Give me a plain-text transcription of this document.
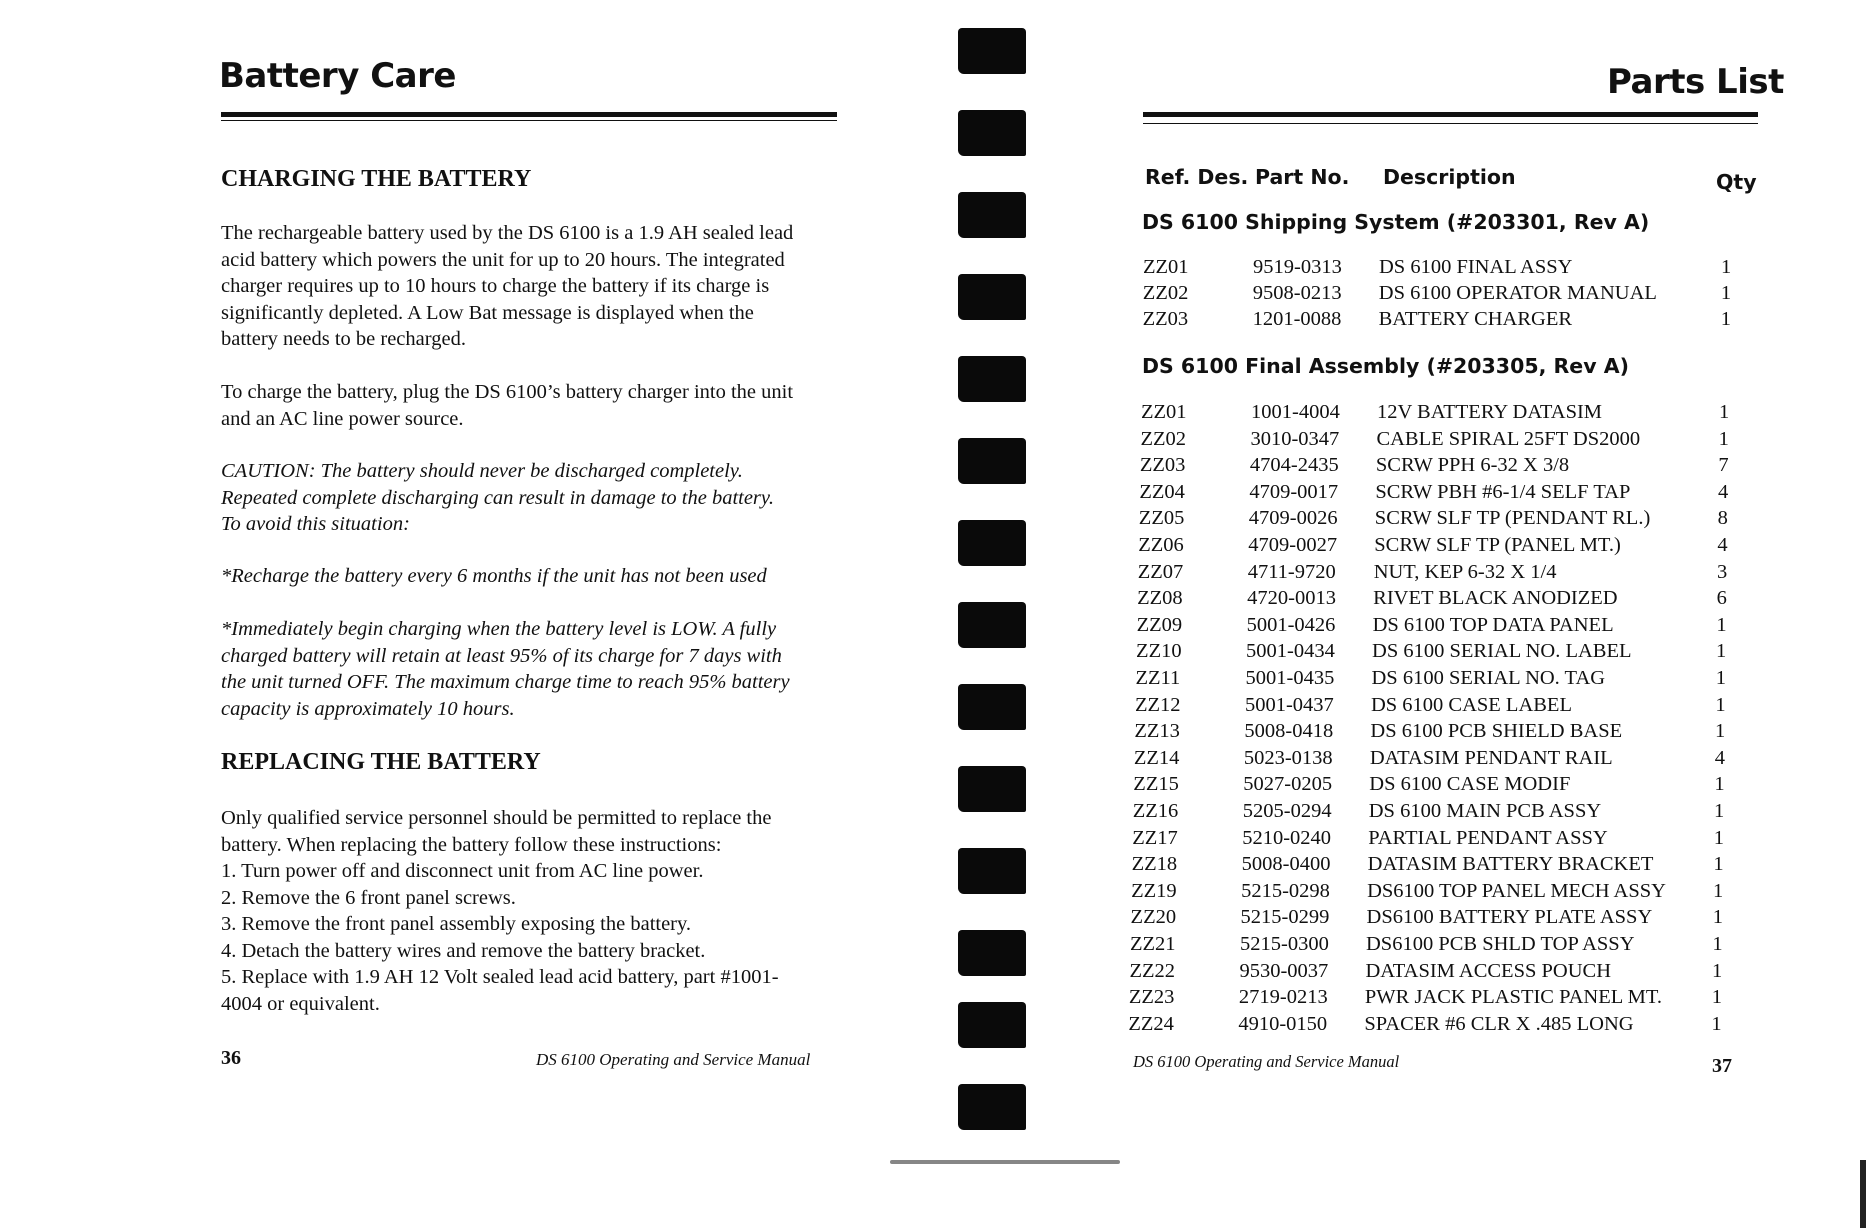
Battery Care
CHARGING THE BATTERY
The rechargeable battery used by the DS 6100 is a 1.9 AH sealed lead
acid battery which powers the unit for up to 20 hours. The integrated
charger requires up to 10 hours to charge the battery if its charge is
significantly depleted. A Low Bat message is displayed when the
battery needs to be recharged.
To charge the battery, plug the DS 6100’s battery charger into the unit
and an AC line power source.
CAUTION: The battery should never be discharged completely.
Repeated complete discharging can result in damage to the battery.
To avoid this situation:
*Recharge the battery every 6 months if the unit has not been used
*Immediately begin charging when the battery level is LOW. A fully
charged battery will retain at least 95% of its charge for 7 days with
the unit turned OFF. The maximum charge time to reach 95% battery
capacity is approximately 10 hours.
REPLACING THE BATTERY
Only qualified service personnel should be permitted to replace the
battery. When replacing the battery follow these instructions:
1. Turn power off and disconnect unit from AC line power.
2. Remove the 6 front panel screws.
3. Remove the front panel assembly exposing the battery.
4. Detach the battery wires and remove the battery bracket.
5. Replace with 1.9 AH 12 Volt sealed lead acid battery, part #1001-
4004 or equivalent.
36	DS 6100 Operating and Service Manual
Parts List
Ref. Des. Part No. Description	Qty
DS 6100 Shipping System (#203301, Rev A)
ZZ01	9519-0313 DS 6100 FINAL ASSY	1
ZZ02	9508-0213 DS 6100 OPERATOR MANUAL	1
ZZ03	1201-0088 BATTERY CHARGER	1
DS 6100 Final Assembly (#203305, Rev A)
ZZ01	1001-4004 12V BATTERY DATASIM	1
ZZ02	3010-0347 CABLE SPIRAL 25FT DS2000	1
ZZ03	4704-2435 SCRW PPH 6-32 X 3/8	7
ZZ04	4709-0017 SCRW PBH #6-1/4 SELF TAP	4
ZZ05	4709-0026 SCRW SLF TP (PENDANT RL.)	8
ZZ06	4709-0027 SCRW SLF TP (PANEL MT.)	4
ZZ07	4711-9720 NUT, KEP 6-32 X 1/4	3
ZZ08	4720-0013 RIVET BLACK ANODIZED	6
ZZ09	5001-0426 DS 6100 TOP DATA PANEL	1
ZZ10	5001-0434 DS 6100 SERIAL NO. LABEL	1
ZZ11	5001-0435 DS 6100 SERIAL NO. TAG	1
ZZ12	5001-0437 DS 6100 CASE LABEL	1
ZZ13	5008-0418 DS 6100 PCB SHIELD BASE	1
ZZ14	5023-0138 DATASIM PENDANT RAIL	4
ZZ15	5027-0205 DS 6100 CASE MODIF	1
ZZ16	5205-0294 DS 6100 MAIN PCB ASSY	1
ZZ17	5210-0240 PARTIAL PENDANT ASSY	1
ZZ18	5008-0400 DATASIM BATTERY BRACKET	1
ZZ19	5215-0298 DS6100 TOP PANEL MECH ASSY 1
ZZ20	5215-0299 DS6100 BATTERY PLATE ASSY	1
ZZ21	5215-0300 DS6100 PCB SHLD TOP ASSY	1
ZZ22	9530-0037 DATASIM ACCESS POUCH	1
ZZ23	2719-0213 PWR JACK PLASTIC PANEL MT. 1
ZZ24	4910-0150 SPACER #6 CLR X .485 LONG	1
DS 6100 Operating and Service Manual	37
